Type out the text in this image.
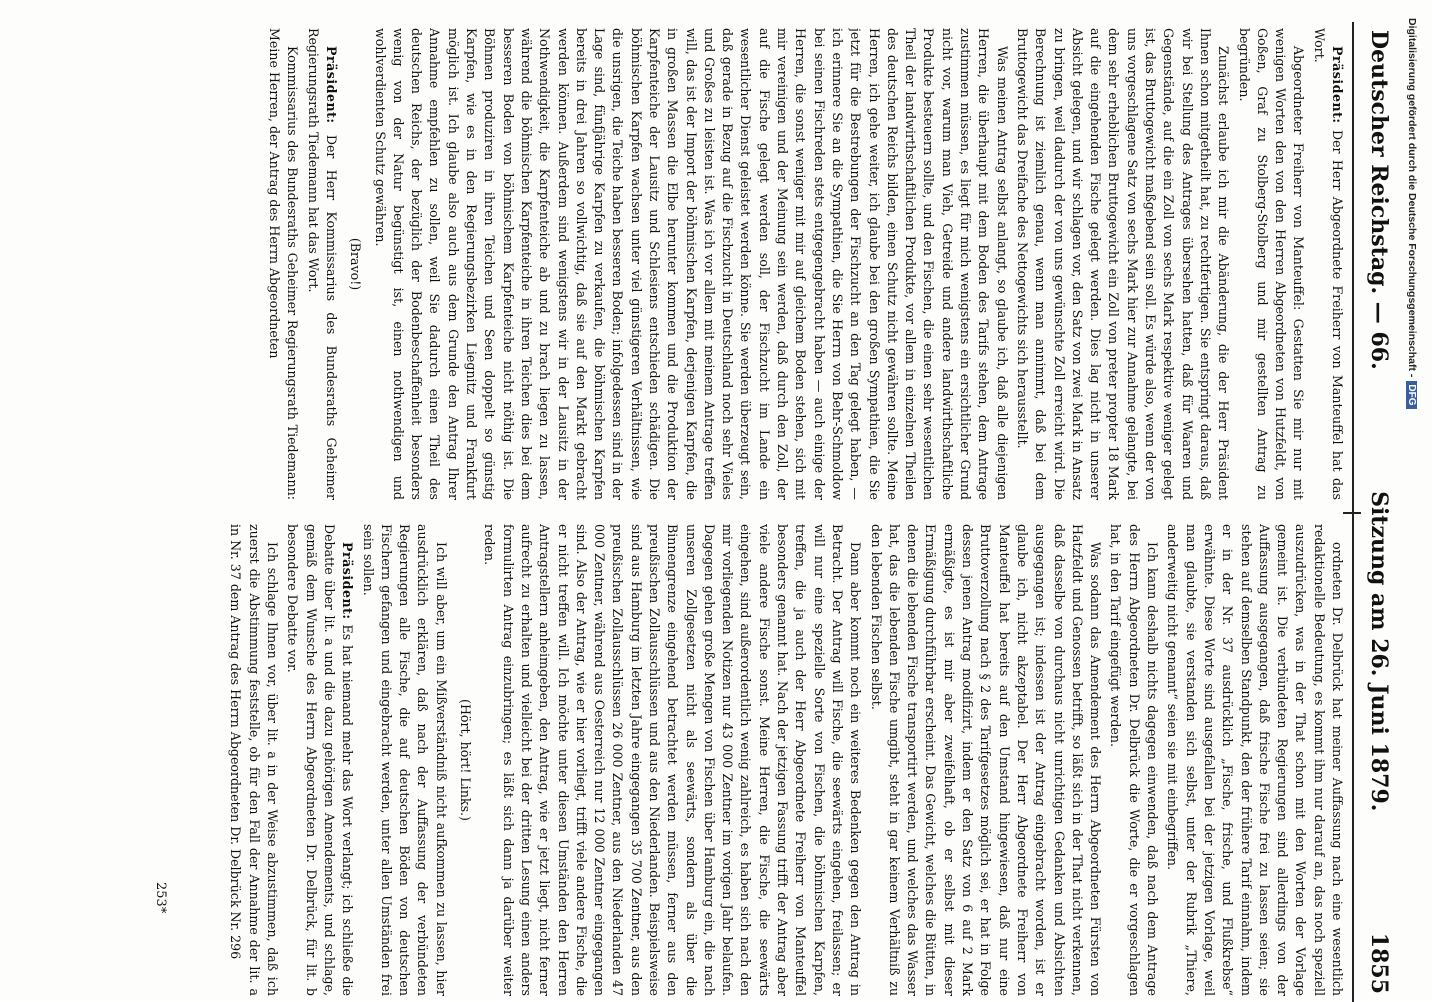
Deutscher Reichstag. — 66.
Sitzung am 26. Juni 1879.
1855

Präsident: Der Herr Abgeordnete Freiherr von Manteuffel hat das Wort.

Abgeordneter Freiherr von Manteuffel: Gestatten Sie mir nur mit wenigen Worten den von den Herren Abgeordneten von Hutzfeldt, von Goßen, Graf zu Stolberg-Stolberg und mir gestellten Antrag zu begründen.

Zunächst erlaube ich mir die Abänderung, die der Herr Präsident Ihnen schon mitgetheilt hat, zu rechtfertigen. Sie entspringt daraus, daß wir bei Stellung des Antrages übersehen hatten, daß für Waaren und Gegenstände, auf die ein Zoll von sechs Mark respektive weniger gelegt ist, das Bruttogewicht maßgebend sein soll. Es würde also, wenn der von uns vorgeschlagene Satz von sechs Mark hier zur Annahme gelangte, bei dem sehr erheblichen Bruttogewicht ein Zoll von preter propter 18 Mark auf die eingehenden Fische gelegt werden. Dies lag nicht in unserer Absicht gelegen, und wir schlagen vor, den Satz von zwei Mark in Ansatz zu bringen, weil dadurch der von uns gewünschte Zoll erreicht wird. Die Berechnung ist ziemlich genau, wenn man annimmt, daß bei dem Bruttogewicht das Dreifache des Nettogewichts sich herausstellt.

Was meinen Antrag selbst anlangt, so glaube ich, daß alle diejenigen Herren, die überhaupt mit dem Boden des Tarifs stehen, dem Antrage zustimmen müssen, es liegt für mich wenigstens ein ersichtlicher Grund nicht vor, warum man Vieh, Getreide und andere landwirthschaftliche Produkte besteuern sollte, und den Fischen, die einen sehr wesentlichen Theil der landwirthschaftlichen Produkte, vor allem in einzelnen Theilen des deutschen Reichs bilden, einen Schutz nicht gewähren sollte. Meine Herren, ich gehe weiter, ich glaube bei den großen Sympathien, die Sie jetzt für die Bestrebungen der Fischzucht an den Tag gelegt haben, — ich erinnere Sie an die Sympathien, die Sie Herrn von Behr-Schmoldow bei seinen Fischreden stets entgegengebracht haben — auch einige der Herren, die sonst weniger mit mir auf gleichem Boden stehen, sich mit mir vereinigen und der Meinung sein werden, daß durch den Zoll, der auf die Fische gelegt werden soll, der Fischzucht im Lande ein wesentlicher Dienst geleistet werden könne. Sie werden überzeugt sein, daß gerade in Bezug auf die Fischzucht in Deutschland noch sehr Vieles und Großes zu leisten ist. Was ich vor allem mit meinem Antrage treffen will, das ist der Import der böhmischen Karpfen, derjenigen Karpfen, die in großen Massen die Elbe herunter kommen und die Produktion der Karpfenteiche der Lausitz und Schlesiens entschieden schädigen. Die böhmischen Karpfen wachsen unter viel günstigeren Verhältnissen, wie die unsrigen, die Teiche haben besseren Boden; infolgedessen sind in der Lage sind, fünfjährige Karpfen zu verkaufen, die böhmischen Karpfen bereits in drei Jahren so vollwichtig, daß sie auf den Markt gebracht werden können. Außerdem sind wenigstens wir in der Lausitz in der Nothwendigkeit, die Karpfenteiche ab und zu brach liegen zu lassen, während die böhmischen Karpfenteiche in ihren Teichen dies bei dem besseren Boden von böhmischem Karpfenteiche nicht nöthig ist. Die Böhmen produziren in ihren Teichen und Seen doppelt so günstig Karpfen, wie es in den Regierungsbezirken Liegnitz und Frankfurt möglich ist. Ich glaube also auch aus dem Grunde den Antrag Ihrer Annahme empfehlen zu sollen, weil Sie dadurch einen Theil des deutschen Reichs, der bezüglich der Bodenbeschaffenheit besonders wenig von der Natur begünstigt ist, einen nothwendigen und wohlverdienten Schutz gewähren.

(Bravo!)

Präsident: Der Herr Kommissarius des Bundesraths Geheimer Regierungsrath Tiedemann hat das Wort.

Kommissarius des Bundesraths Geheimer Regierungsrath Tiedemann: Meine Herren, der Antrag des Herrn Abgeordneten

ordneten Dr. Delbrück hat meiner Auffassung nach eine wesentlich redaktionelle Bedeutung, es kommt ihm nur darauf an, das noch speziell auszudrücken, was in der That schon mit den Worten der Vorlage gemeint ist. Die verbündeten Regierungen sind allerdings von der Auffassung ausgegangen, daß frische Fische frei zu lassen seien; sie stehen auf demselben Standpunkt, den der frühere Tarif einnahm, indem er in der Nr. 37 ausdrücklich „Fische, frische, und Flußkrebse“ erwähnte. Diese Worte sind ausgefallen bei der jetzigen Vorlage, weil man glaubte, sie verstanden sich selbst, unter der Rubrik „Thiere, anderweitig nicht genannt“ seien sie mit einbegriffen.

Ich kann deshalb nichts dagegen einwenden, daß nach dem Antrage des Herrn Abgeordneten Dr. Delbrück die Worte, die er vorgeschlagen hat, in den Tarif eingefügt werden.

Was sodann das Amendement des Herrn Abgeordneten Fürsten von Hatzfeldt und Genossen betrifft, so läßt sich in der That nicht verkennen, daß dasselbe von durchaus nicht unrichtigen Gedanken und Absichten ausgegangen ist; indessen ist der Antrag eingebracht worden, ist er glaube ich, nicht akzeptabel. Der Herr Abgeordnete Freiherr von Manteuffel hat bereits auf den Umstand hingewiesen, daß nur eine Bruttoverzollung nach § 2 des Tarifgesetzes möglich sei, er hat in Folge dessen jenen Antrag modifizirt, indem er den Satz von 6 auf 2 Mark ermäßigte, es ist mir aber zweifelhaft, ob er selbst mit dieser Ermäßigung durchführbar erscheint. Das Gewicht, welches die Bütten, in denen die lebenden Fische transportirt werden, und welches das Wasser hat, das die lebenden Fische umgibt, steht in gar keinem Verhältniß zu den lebenden Fischen selbst.

Dann aber kommt noch ein weiteres Bedenken gegen den Antrag in Betracht. Der Antrag will Fische, die seewärts eingehen, freilassen; er will nur eine spezielle Sorte von Fischen, die böhmischen Karpfen, treffen, die ja auch der Herr Abgeordnete Freiherr von Manteuffel besonders genannt hat. Nach der jetzigen Fassung trifft der Antrag aber viele andere Fische sonst. Meine Herren, die Fische, die seewärts eingehen, sind außerordentlich wenig zahlreich, es haben sich nach den mir vorliegenden Notizen nur 43 000 Zentner im vorigen Jahr belaufen. Dagegen gehen große Mengen von Fischen über Hamburg ein, die nach unseren Zollgesetzen nicht als seewärts, sondern als über die Binnengrenze eingehend betrachtet werden müssen, ferner aus den preußischen Zollausschlüssen und aus den Niederlanden. Beispielsweise sind aus Hamburg im letzten Jahre eingegangen 35 700 Zentner, aus den preußischen Zollausschlüssen 26 000 Zentner, aus den Niederlanden 47 000 Zentner, während aus Oesterreich nur 12 000 Zentner eingegangen sind. Also der Antrag, wie er hier vorliegt, trifft viele andere Fische, die er nicht treffen will. Ich möchte unter diesen Umständen den Herren Antragstellern anheimgeben, den Antrag, wie er jetzt liegt, nicht ferner aufrecht zu erhalten und vielleicht bei der dritten Lesung einen anders formulirten Antrag einzubringen; es läßt sich dann ja darüber weiter reden.

(Hört, hört! Links.)

Ich will aber, um ein Mißverständniß nicht aufkommen zu lassen, hier ausdrücklich erklären, daß nach der Auffassung der verbündeten Regierungen alle Fische, die auf deutschen Böden von deutschen Fischern gefangen und eingebracht werden, unter allen Umständen frei sein sollen.

Präsident: Es hat niemand mehr das Wort verlangt; ich schließe die Debatte über lit. a und die dazu gehörigen Amendements, und schlage, gemäß dem Wunsche des Herrn Abgeordneten Dr. Delbrück, für lit. b besondere Debatte vor.

Ich schlage Ihnen vor, über lit. a in der Weise abzustimmen, daß ich zuerst die Abstimmung feststelle, ob für den Fall der Annahme der lit. a in Nr. 37 dem Antrag des Herrn Abgeordneten Dr. Delbrück Nr. 296

253*
Digitalisierung gefördert durch die Deutsche Forschungsgemeinschaft -DFG
